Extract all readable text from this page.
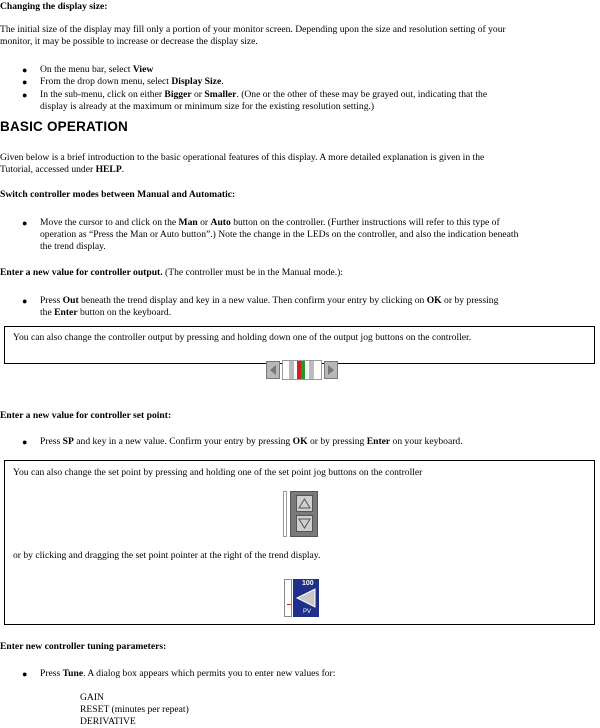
Changing the display size:
The initial size of the display may fill only a portion of your monitor screen. Depending upon the size and resolution setting of your
monitor, it may be possible to increase or decrease the display size.
● On the menu bar, select View
● From the drop down menu, select Display Size.
● In the sub-menu, click on either Bigger or Smaller. (One or the other of these may be grayed out, indicating that the
display is already at the maximum or minimum size for the existing resolution setting.)
BASIC OPERATION
Given below is a brief introduction to the basic operational features of this display. A more detailed explanation is given in the
Tutorial, accessed under HELP.
Switch controller modes between Manual and Automatic:
● Move the cursor to and click on the Man or Auto button on the controller. (Further instructions will refer to this type of
operation as “Press the Man or Auto button”.) Note the change in the LEDs on the controller, and also the indication beneath
the trend display.
Enter a new value for controller output. (The controller must be in the Manual mode.):
● Press Out beneath the trend display and key in a new value. Then confirm your entry by clicking on OK or by pressing
the Enter button on the keyboard.
You can also change the controller output by pressing and holding down one of the output jog buttons on the controller.
Enter a new value for controller set point:
● Press SP and key in a new value. Confirm your entry by pressing OK or by pressing Enter on your keyboard.
You can also change the set point by pressing and holding one of the set point jog buttons on the controller
or by clicking and dragging the set point pointer at the right of the trend display.
100
PV
Enter new controller tuning parameters:
● Press Tune. A dialog box appears which permits you to enter new values for:
GAIN
RESET (minutes per repeat)
DERIVATIVE
